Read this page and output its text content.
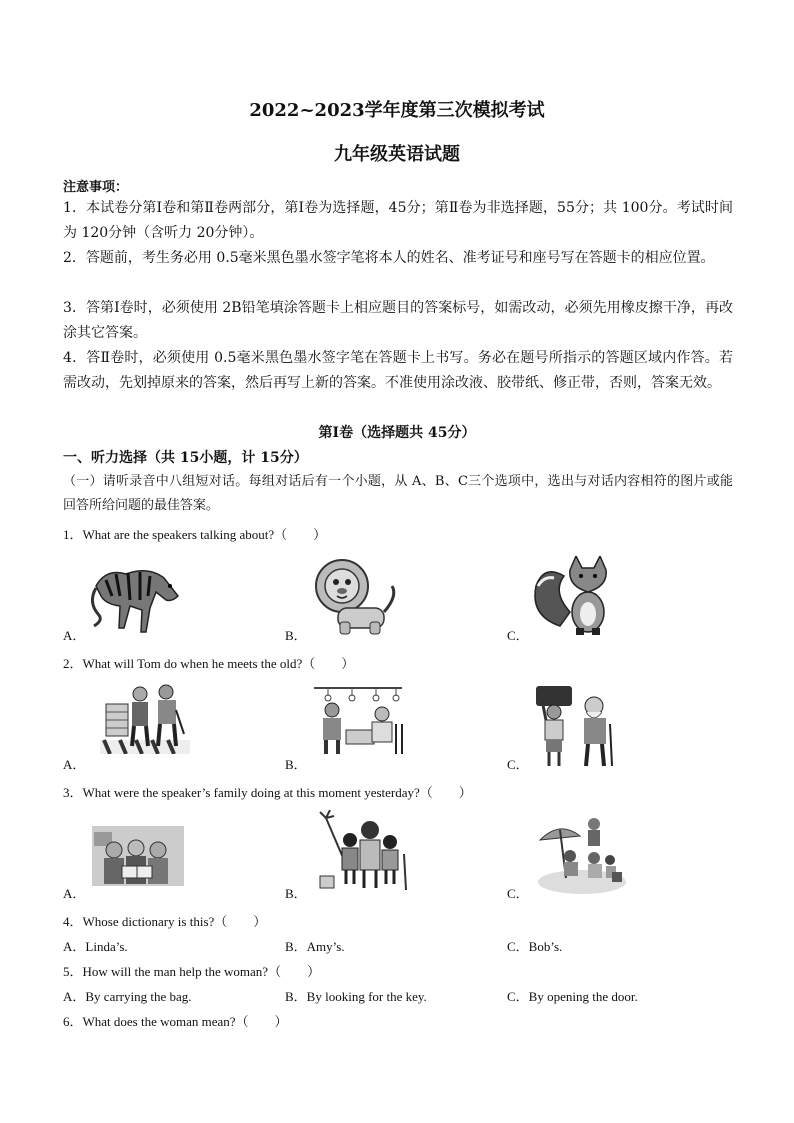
2022~2023学年度第三次模拟考试
九年级英语试题
注意事项：
1．本试卷分第Ⅰ卷和第Ⅱ卷两部分，第Ⅰ卷为选择题，45分；第Ⅱ卷为非选择题，55分；共 100分。考试时间为 120分钟（含听力 20分钟）。
2．答题前，考生务必用 0.5毫米黑色墨水签字笔将本人的姓名、准考证号和座号写在答题卡的相应位置。
3．答第Ⅰ卷时，必须使用 2B铅笔填涂答题卡上相应题目的答案标号，如需改动，必须先用橡皮擦干净，再改涂其它答案。
4．答Ⅱ卷时，必须使用 0.5毫米黑色墨水签字笔在答题卡上书写。务必在题号所指示的答题区域内作答。若需改动，先划掉原来的答案，然后再写上新的答案。不准使用涂改液、胶带纸、修正带，否则，答案无效。
第Ⅰ卷（选择题共 45分）
一、听力选择（共 15小题，计 15分）
（一）请听录音中八组短对话。每组对话后有一个小题，从 A、B、C三个选项中，选出与对话内容相符的图片或能回答所给问题的最佳答案。
1．What are the speakers talking about?（　　）
A．	B．	C．
2．What will Tom do when he meets the old?（　　）
A．	B．	C．
3．What were the speaker’s family doing at this moment yesterday?（　　）
A．	B．	C．
4．Whose dictionary is this?（　　）
A．Linda’s.	B．Amy’s.	C．Bob’s.
5．How will the man help the woman?（　　）
A．By carrying the bag.	B．By looking for the key.	C．By opening the door.
6．What does the woman mean?（　　）
